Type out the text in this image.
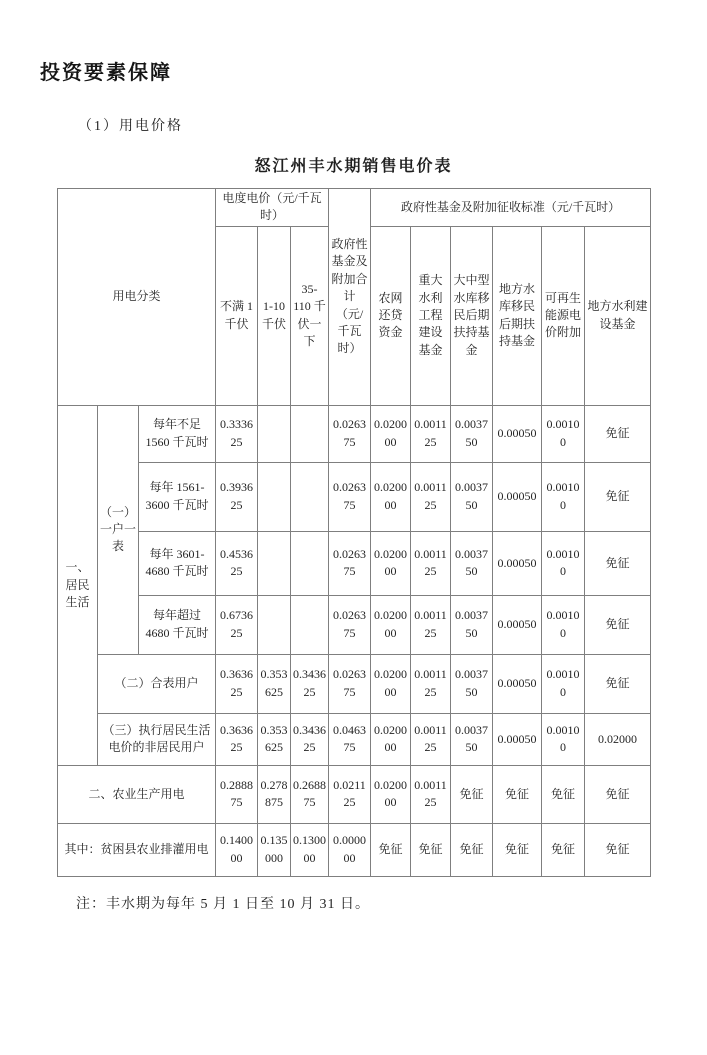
投资要素保障
（1）用电价格
怒江州丰水期销售电价表
用电分类			电度电价（元/千瓦时）			政府性基金及附加合计（元/千瓦时）	政府性基金及附加征收标准（元/千瓦时）					
			不满 1 千伏	1-10 千伏	35-110 千伏一下		农网还贷资金	重大水利工程建设基金	大中型水库移民后期扶持基金	地方水库移民后期扶持基金	可再生能源电价附加	地方水利建设基金
一、居民生活	（一）一户一表	每年不足 1560 千瓦时	0.333625			0.026375	0.020000	0.001125	0.003750	0.00050	0.00100	免征
		每年 1561-3600 千瓦时	0.393625			0.026375	0.020000	0.001125	0.003750	0.00050	0.00100	免征
		每年 3601-4680 千瓦时	0.453625			0.026375	0.020000	0.001125	0.003750	0.00050	0.00100	免征
		每年超过 4680 千瓦时	0.673625			0.026375	0.020000	0.001125	0.003750	0.00050	0.00100	免征
	（二）合表用户		0.363625	0.353625	0.343625	0.026375	0.020000	0.001125	0.003750	0.00050	0.00100	免征
	（三）执行居民生活电价的非居民用户		0.363625	0.353625	0.343625	0.046375	0.020000	0.001125	0.003750	0.00050	0.00100	0.02000
二、农业生产用电			0.288875	0.278875	0.268875	0.021125	0.020000	0.001125	免征	免征	免征	免征
其中：贫困县农业排灌用电			0.140000	0.135000	0.130000	0.000000	免征	免征	免征	免征	免征	免征
注：丰水期为每年 5 月 1 日至 10 月 31 日。
